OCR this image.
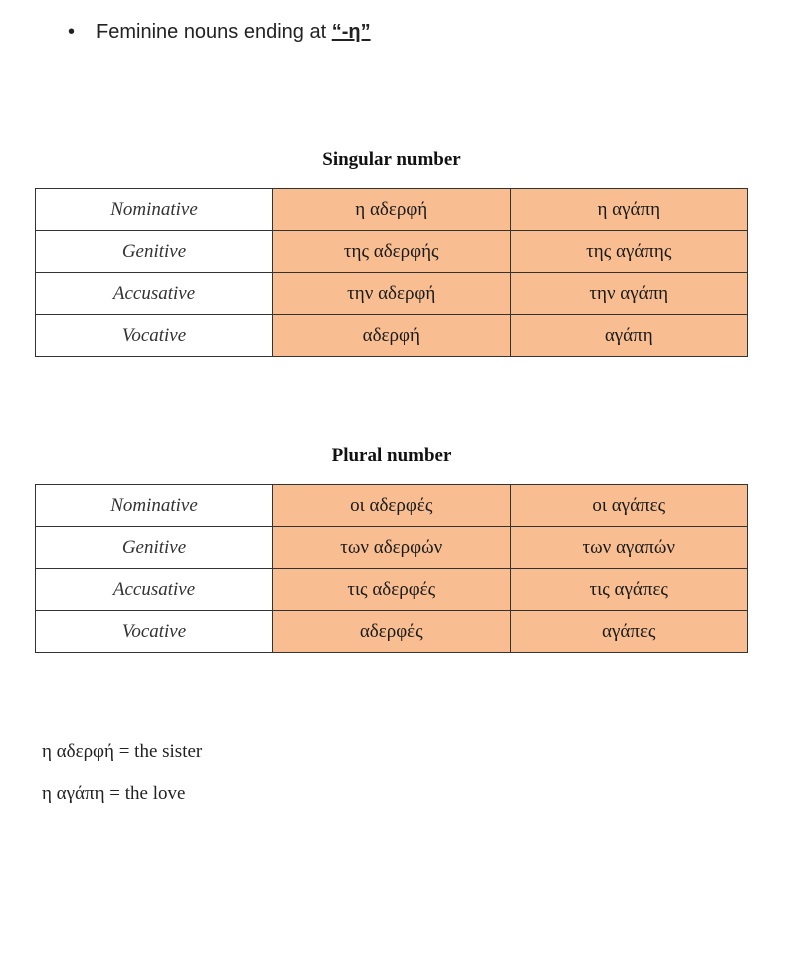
• Feminine nouns ending at “-η”
Singular number
Nominative	η αδερφή	η αγάπη
Genitive	της αδερφής	της αγάπης
Accusative	την αδερφή	την αγάπη
Vocative	αδερφή	αγάπη
Plural number
Nominative	οι αδερφές	οι αγάπες
Genitive	των αδερφών	των αγαπών
Accusative	τις αδερφές	τις αγάπες
Vocative	αδερφές	αγάπες
η αδερφή = the sister
η αγάπη = the love
